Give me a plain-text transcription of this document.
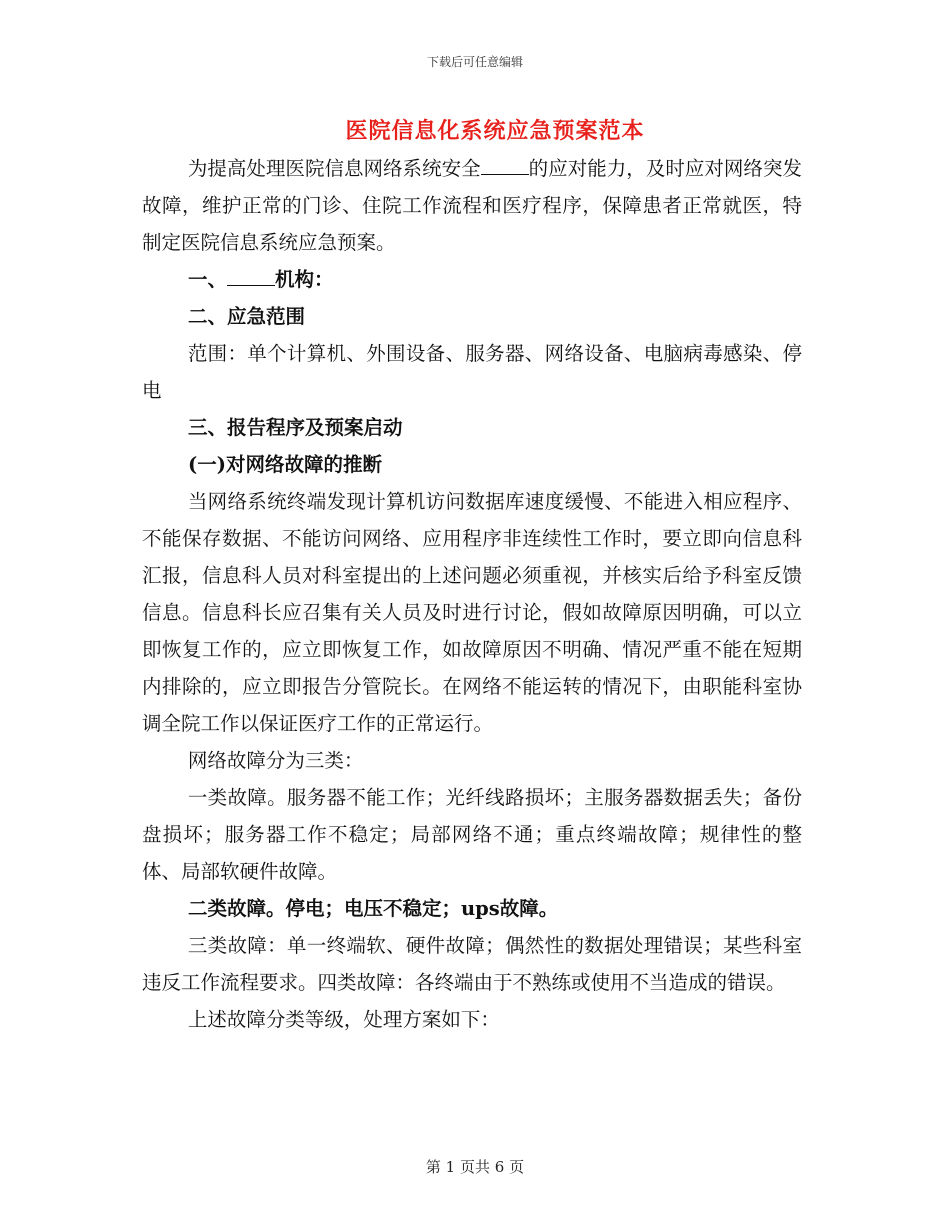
下载后可任意编辑
医院信息化系统应急预案范本

为提高处理医院信息网络系统安全 的应对能力，及时应对网络突发故障，维护正常的门诊、住院工作流程和医疗程序，保障患者正常就医，特制定医院信息系统应急预案。

一、 机构：

二、应急范围

范围：单个计算机、外围设备、服务器、网络设备、电脑病毒感染、停电

三、报告程序及预案启动

(一)对网络故障的推断

当网络系统终端发现计算机访问数据库速度缓慢、不能进入相应程序、不能保存数据、不能访问网络、应用程序非连续性工作时，要立即向信息科汇报，信息科人员对科室提出的上述问题必须重视，并核实后给予科室反馈信息。信息科长应召集有关人员及时进行讨论，假如故障原因明确，可以立即恢复工作的，应立即恢复工作，如故障原因不明确、情况严重不能在短期内排除的，应立即报告分管院长。在网络不能运转的情况下，由职能科室协调全院工作以保证医疗工作的正常运行。

网络故障分为三类：

一类故障。服务器不能工作；光纤线路损坏；主服务器数据丢失；备份盘损坏；服务器工作不稳定；局部网络不通；重点终端故障；规律性的整体、局部软硬件故障。

二类故障。停电；电压不稳定；ups故障。

三类故障：单一终端软、硬件故障；偶然性的数据处理错误；某些科室违反工作流程要求。四类故障：各终端由于不熟练或使用不当造成的错误。

上述故障分类等级，处理方案如下：

第 1 页共 6 页
